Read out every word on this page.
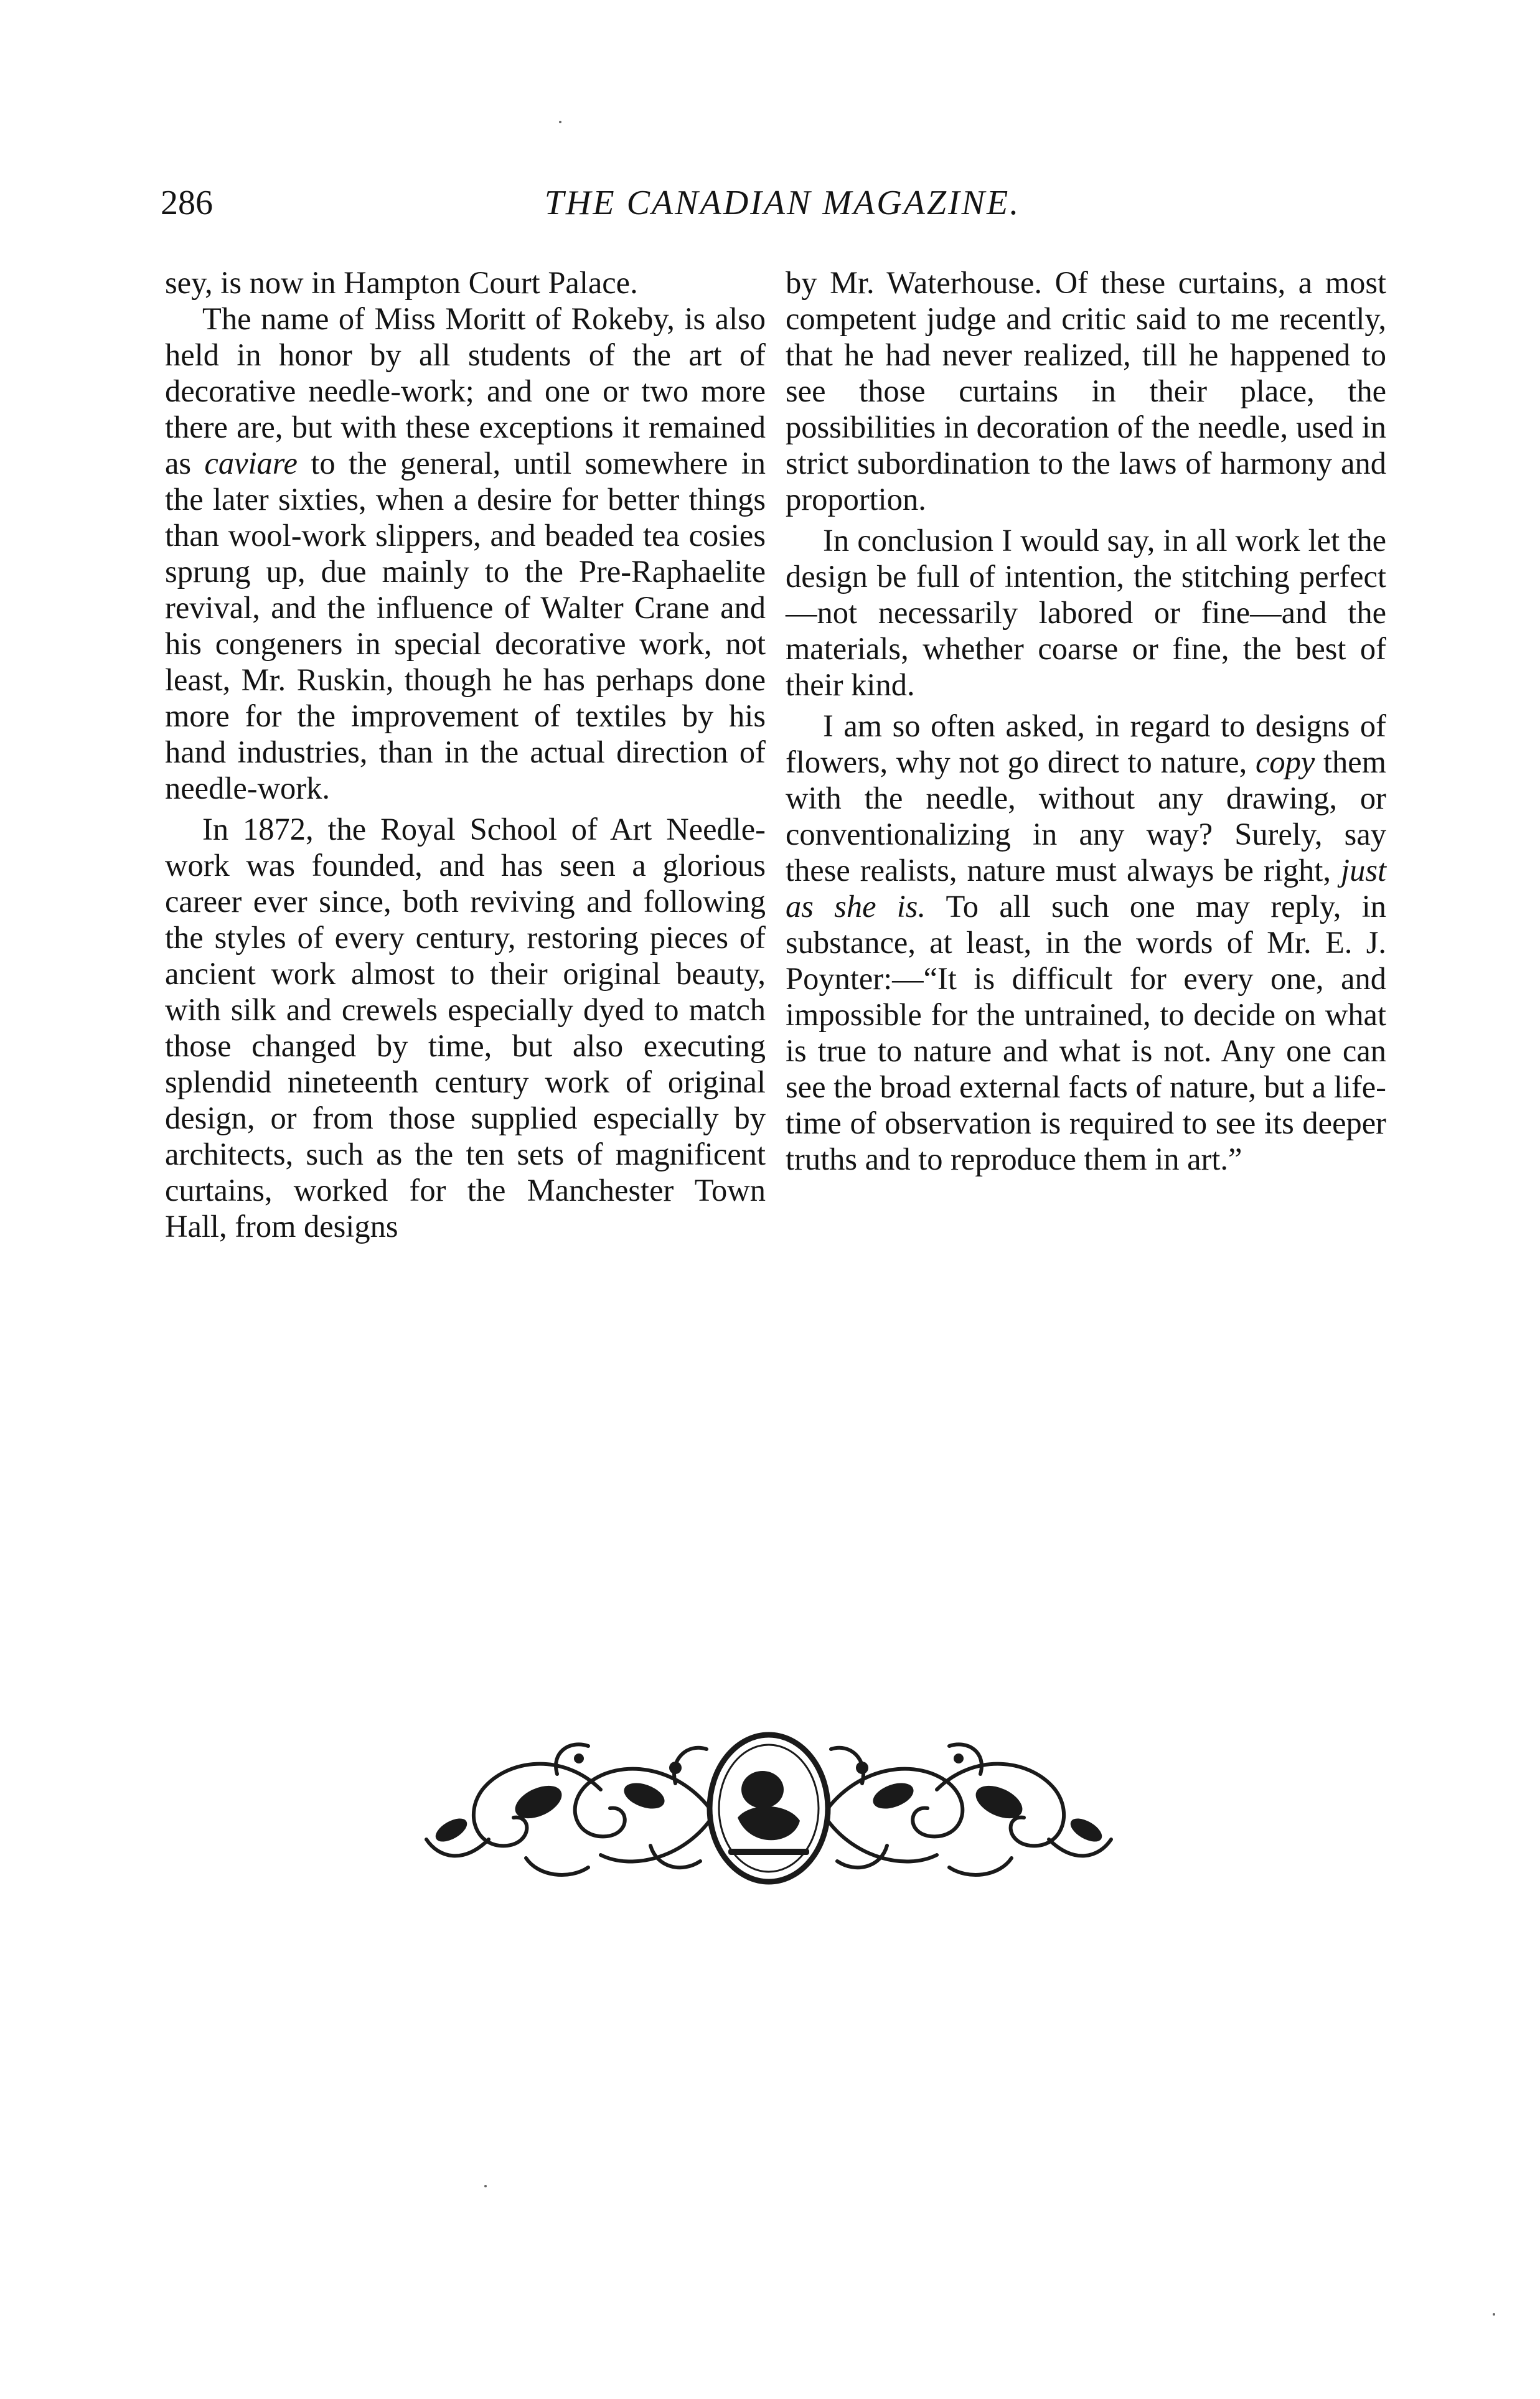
286	THE CANADIAN MAGAZINE.

sey, is now in Hampton Court Palace.

The name of Miss Moritt of Rokeby, is also held in honor by all students of the art of decorative needle-work; and one or two more there are, but with these exceptions it remained as caviare to the general, until somewhere in the later sixties, when a desire for better things than wool-work slippers, and beaded tea cosies sprung up, due mainly to the Pre-Raphaelite revival, and the influence of Walter Crane and his congeners in special decorative work, not least, Mr. Ruskin, though he has perhaps done more for the improvement of textiles by his hand industries, than in the actual direction of needle-work.

In 1872, the Royal School of Art Needle-work was founded, and has seen a glorious career ever since, both reviving and following the styles of every century, restoring pieces of ancient work almost to their original beauty, with silk and crewels especially dyed to match those changed by time, but also executing splendid nineteenth century work of original design, or from those supplied especially by architects, such as the ten sets of magnificent curtains, worked for the Manchester Town Hall, from designs

by Mr. Waterhouse. Of these curtains, a most competent judge and critic said to me recently, that he had never realized, till he happened to see those curtains in their place, the possibilities in decoration of the needle, used in strict subordination to the laws of harmony and proportion.

In conclusion I would say, in all work let the design be full of intention, the stitching perfect—not necessarily labored or fine—and the materials, whether coarse or fine, the best of their kind.

I am so often asked, in regard to designs of flowers, why not go direct to nature, copy them with the needle, without any drawing, or conventionalizing in any way? Surely, say these realists, nature must always be right, just as she is. To all such one may reply, in substance, at least, in the words of Mr. E. J. Poynter:—“It is difficult for every one, and impossible for the untrained, to decide on what is true to nature and what is not. Any one can see the broad external facts of nature, but a life-time of observation is required to see its deeper truths and to reproduce them in art.”
